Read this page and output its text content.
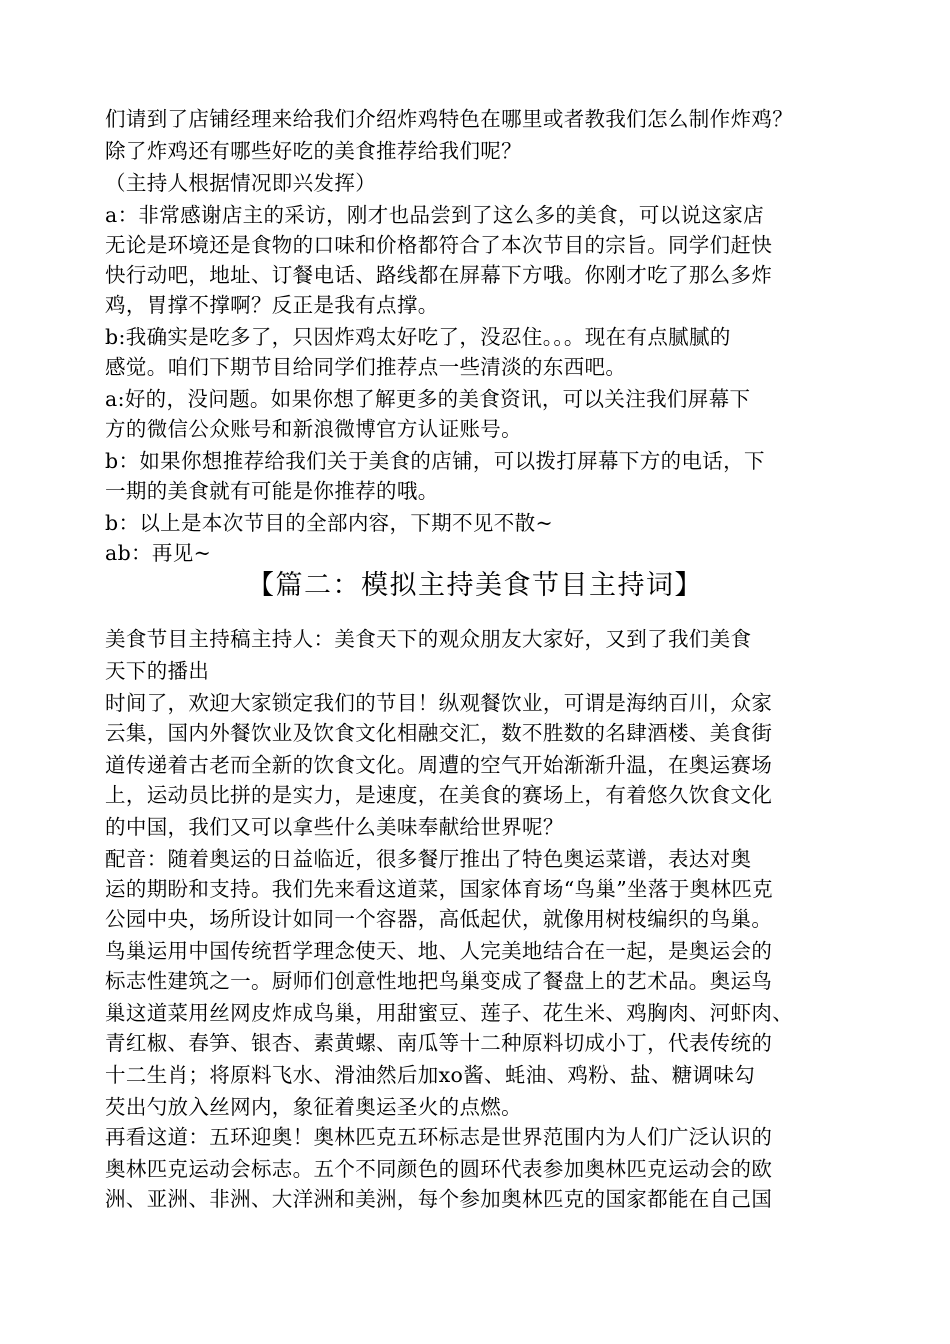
们请到了店铺经理来给我们介绍炸鸡特色在哪里或者教我们怎么制作炸鸡？
除了炸鸡还有哪些好吃的美食推荐给我们呢？
（主持人根据情况即兴发挥）
a：非常感谢店主的采访，刚才也品尝到了这么多的美食，可以说这家店
无论是环境还是食物的口味和价格都符合了本次节目的宗旨。同学们赶快
快行动吧，地址、订餐电话、路线都在屏幕下方哦。你刚才吃了那么多炸
鸡，胃撑不撑啊？反正是我有点撑。
b:我确实是吃多了，只因炸鸡太好吃了，没忍住。。。现在有点腻腻的
感觉。咱们下期节目给同学们推荐点一些清淡的东西吧。
a:好的，没问题。如果你想了解更多的美食资讯，可以关注我们屏幕下
方的微信公众账号和新浪微博官方认证账号。
b：如果你想推荐给我们关于美食的店铺，可以拨打屏幕下方的电话，下
一期的美食就有可能是你推荐的哦。
b：以上是本次节目的全部内容，下期不见不散~
ab：再见~
【篇二：模拟主持美食节目主持词】
美食节目主持稿主持人：美食天下的观众朋友大家好，又到了我们美食
天下的播出
时间了，欢迎大家锁定我们的节目！纵观餐饮业，可谓是海纳百川，众家
云集，国内外餐饮业及饮食文化相融交汇，数不胜数的名肆酒楼、美食街
道传递着古老而全新的饮食文化。周遭的空气开始渐渐升温，在奥运赛场
上，运动员比拼的是实力，是速度，在美食的赛场上，有着悠久饮食文化
的中国，我们又可以拿些什么美味奉献给世界呢？
配音：随着奥运的日益临近，很多餐厅推出了特色奥运菜谱，表达对奥
运的期盼和支持。我们先来看这道菜，国家体育场“鸟巢”坐落于奥林匹克
公园中央，场所设计如同一个容器，高低起伏，就像用树枝编织的鸟巢。
鸟巢运用中国传统哲学理念使天、地、人完美地结合在一起，是奥运会的
标志性建筑之一。厨师们创意性地把鸟巢变成了餐盘上的艺术品。奥运鸟
巢这道菜用丝网皮炸成鸟巢，用甜蜜豆、莲子、花生米、鸡胸肉、河虾肉、
青红椒、春笋、银杏、素黄螺、南瓜等十二种原料切成小丁，代表传统的
十二生肖；将原料飞水、滑油然后加xo酱、蚝油、鸡粉、盐、糖调味勾
芡出勺放入丝网内，象征着奥运圣火的点燃。
再看这道：五环迎奥！奥林匹克五环标志是世界范围内为人们广泛认识的
奥林匹克运动会标志。五个不同颜色的圆环代表参加奥林匹克运动会的欧
洲、亚洲、非洲、大洋洲和美洲，每个参加奥林匹克的国家都能在自己国
